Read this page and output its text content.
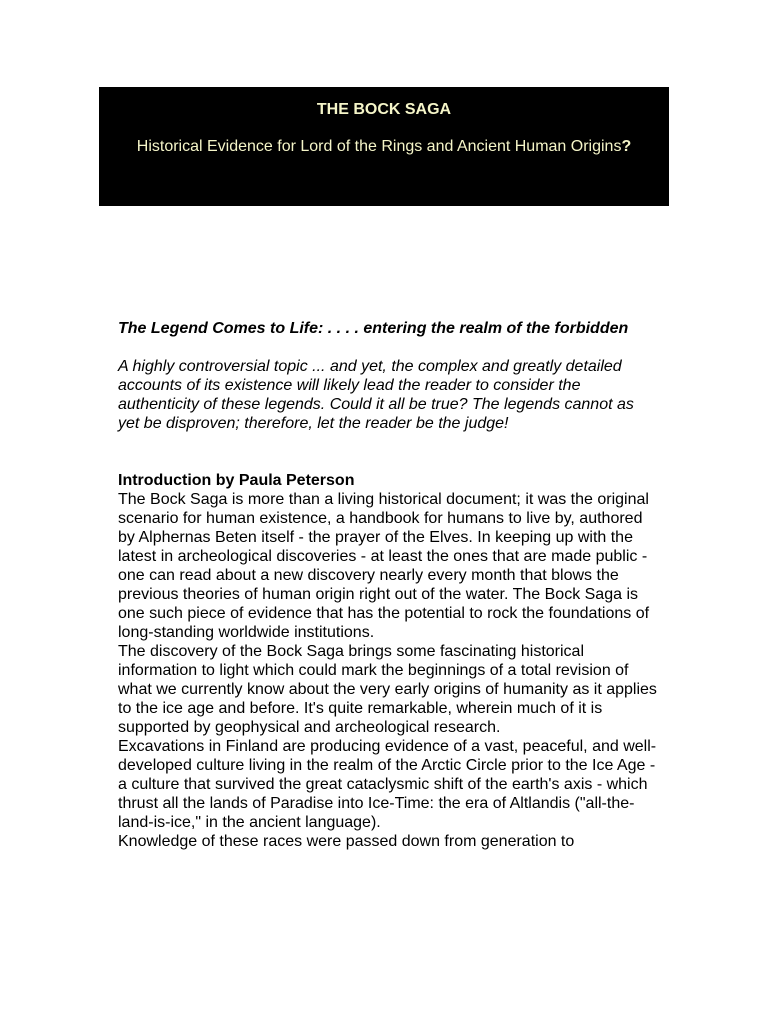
THE BOCK SAGA
Historical Evidence for Lord of the Rings and Ancient Human Origins?

The Legend Comes to Life: . . . . entering the realm of the forbidden

A highly controversial topic ... and yet, the complex and greatly detailed accounts of its existence will likely lead the reader to consider the authenticity of these legends. Could it all be true? The legends cannot as yet be disproven; therefore, let the reader be the judge!

Introduction by Paula Peterson

The Bock Saga is more than a living historical document; it was the original scenario for human existence, a handbook for humans to live by, authored by Alphernas Beten itself - the prayer of the Elves. In keeping up with the latest in archeological discoveries - at least the ones that are made public - one can read about a new discovery nearly every month that blows the previous theories of human origin right out of the water. The Bock Saga is one such piece of evidence that has the potential to rock the foundations of long-standing worldwide institutions.

The discovery of the Bock Saga brings some fascinating historical information to light which could mark the beginnings of a total revision of what we currently know about the very early origins of humanity as it applies to the ice age and before. It's quite remarkable, wherein much of it is supported by geophysical and archeological research.

Excavations in Finland are producing evidence of a vast, peaceful, and well-developed culture living in the realm of the Arctic Circle prior to the Ice Age - a culture that survived the great cataclysmic shift of the earth's axis - which thrust all the lands of Paradise into Ice-Time: the era of Altlandis ("all-the-land-is-ice," in the ancient language).

Knowledge of these races were passed down from generation to
